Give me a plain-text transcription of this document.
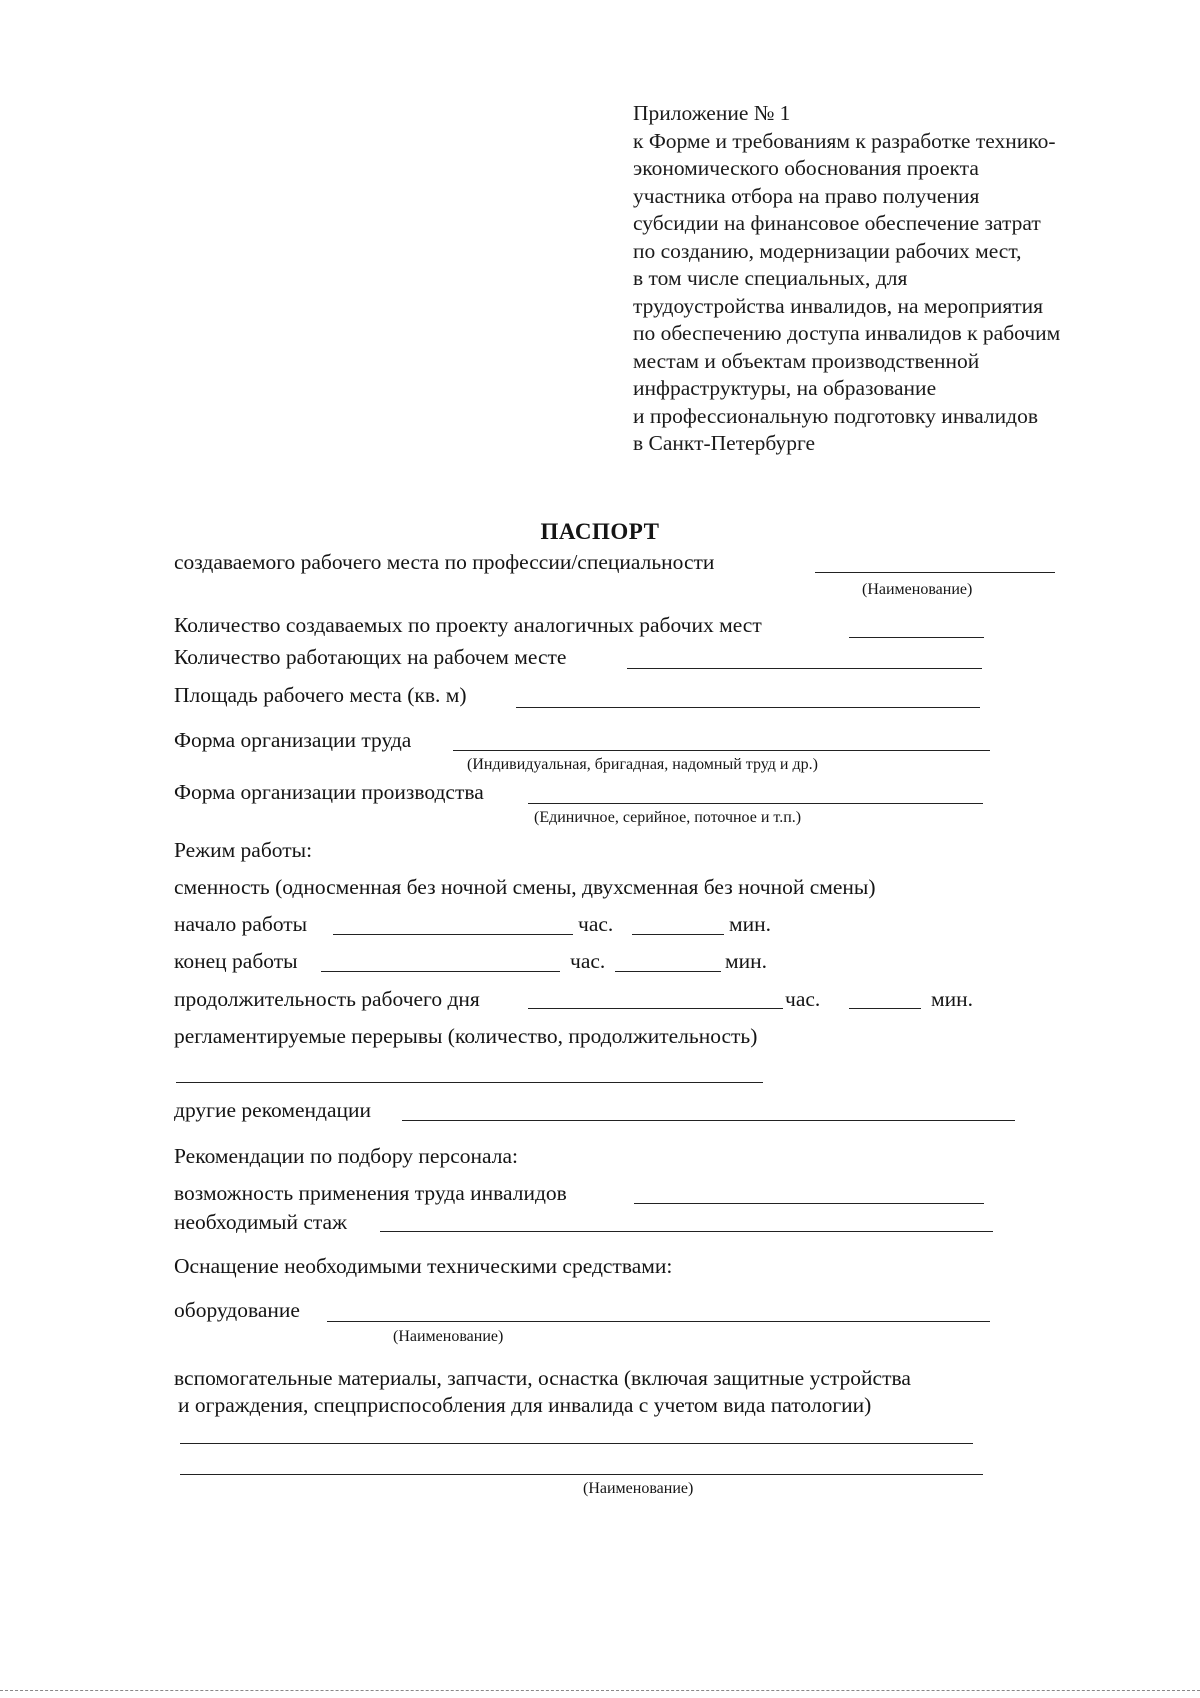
Приложение № 1
к Форме и требованиям к разработке технико-
экономического обоснования проекта
участника отбора на право получения
субсидии на финансовое обеспечение затрат
по созданию, модернизации рабочих мест,
в том числе специальных, для
трудоустройства инвалидов, на мероприятия
по обеспечению доступа инвалидов к рабочим
местам и объектам производственной
инфраструктуры, на образование
и профессиональную подготовку инвалидов
в Санкт-Петербурге
ПАСПОРТ
создаваемого рабочего места по профессии/специальности
(Наименование)
Количество создаваемых по проекту аналогичных рабочих мест
Количество работающих на рабочем месте
Площадь рабочего места (кв. м)
Форма организации труда
(Индивидуальная, бригадная, надомный труд и др.)
Форма организации производства
(Единичное, серийное, поточное и т.п.)
Режим работы:
сменность (односменная без ночной смены, двухсменная без ночной смены)
начало работы	час.	мин.
конец работы	час.	мин.
продолжительность рабочего дня	час.	мин.
регламентируемые перерывы (количество, продолжительность)
другие рекомендации
Рекомендации по подбору персонала:
возможность применения труда инвалидов
необходимый стаж
Оснащение необходимыми техническими средствами:
оборудование
(Наименование)
вспомогательные материалы, запчасти, оснастка (включая защитные устройства
и ограждения, спецприспособления для инвалида с учетом вида патологии)
(Наименование)
